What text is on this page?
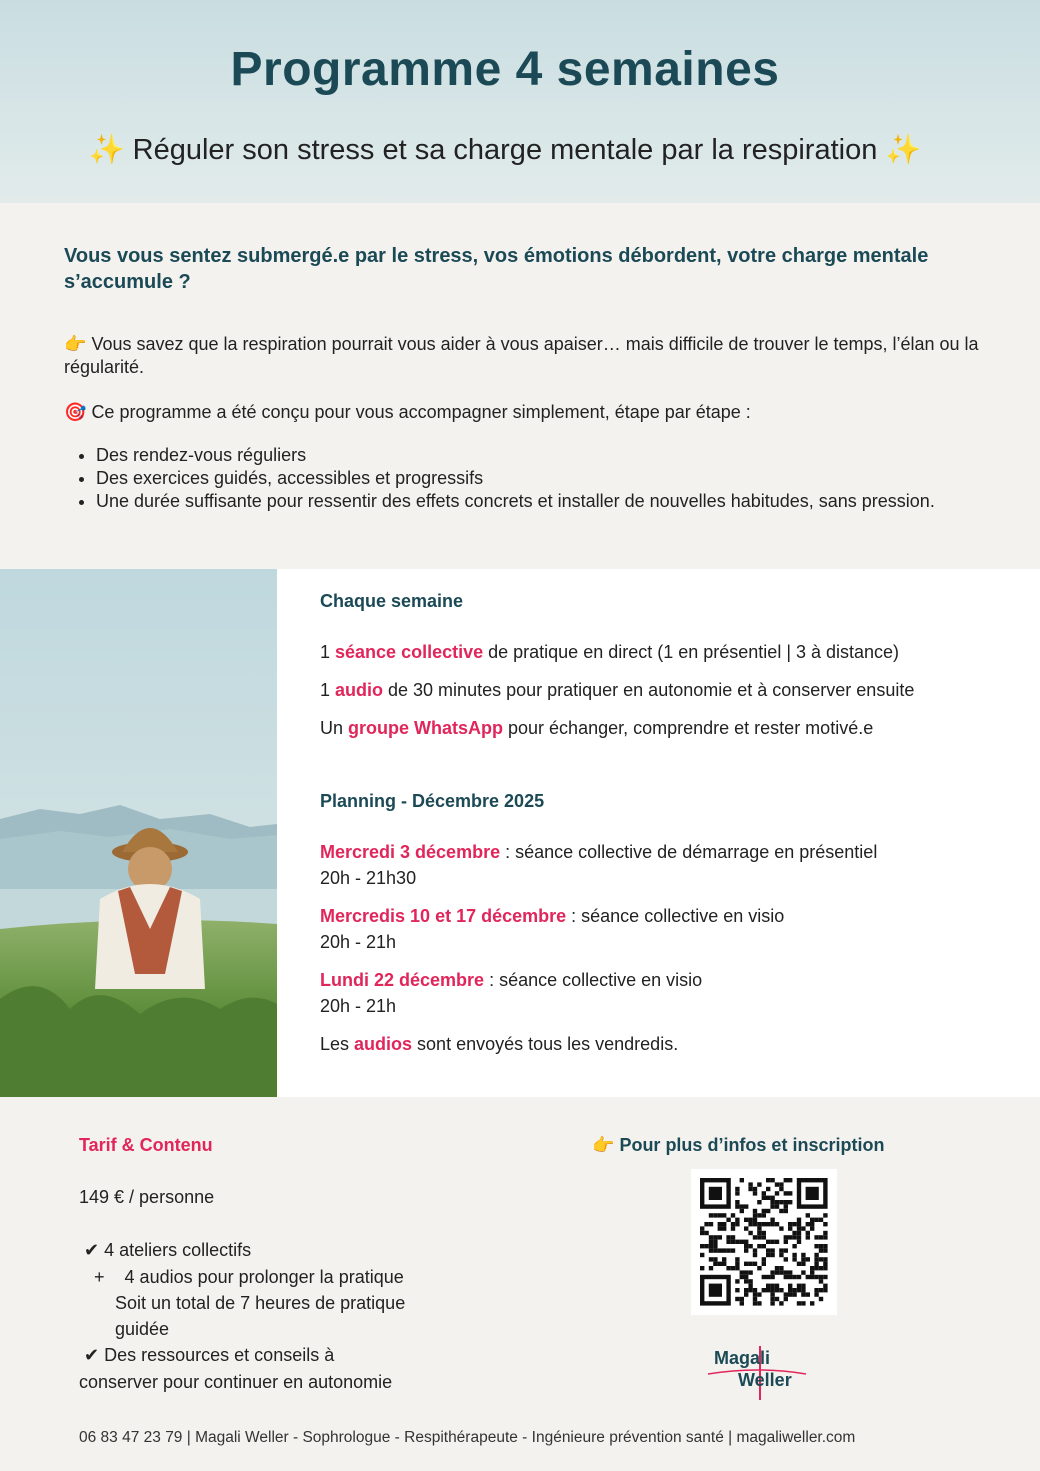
Programme 4 semaines
✨ Réguler son stress et sa charge mentale par la respiration ✨

Vous vous sentez submergé.e par le stress, vos émotions débordent, votre charge mentale s’accumule ?

👉 Vous savez que la respiration pourrait vous aider à vous apaiser… mais difficile de trouver le temps, l’élan ou la régularité.

🎯 Ce programme a été conçu pour vous accompagner simplement, étape par étape :

• Des rendez-vous réguliers
• Des exercices guidés, accessibles et progressifs
• Une durée suffisante pour ressentir des effets concrets et installer de nouvelles habitudes, sans pression.

Chaque semaine

1 séance collective de pratique en direct (1 en présentiel | 3 à distance)

1 audio de 30 minutes pour pratiquer en autonomie et à conserver ensuite

Un groupe WhatsApp pour échanger, comprendre et rester motivé.e

Planning - Décembre 2025

Mercredi 3 décembre : séance collective de démarrage en présentiel
20h - 21h30

Mercredis 10 et 17 décembre : séance collective en visio
20h - 21h

Lundi 22 décembre : séance collective en visio
20h - 21h

Les audios sont envoyés tous les vendredis.

Tarif & Contenu

149 € / personne

✔ 4 ateliers collectifs

+ 4 audios pour prolonger la pratique

Soit un total de 7 heures de pratique

guidée

✔ Des ressources et conseils à

conserver pour continuer en autonomie

👉 Pour plus d’infos et inscription

Magali
Weller
06 83 47 23 79 | Magali Weller - Sophrologue - Respithérapeute - Ingénieure prévention santé | magaliweller.com
